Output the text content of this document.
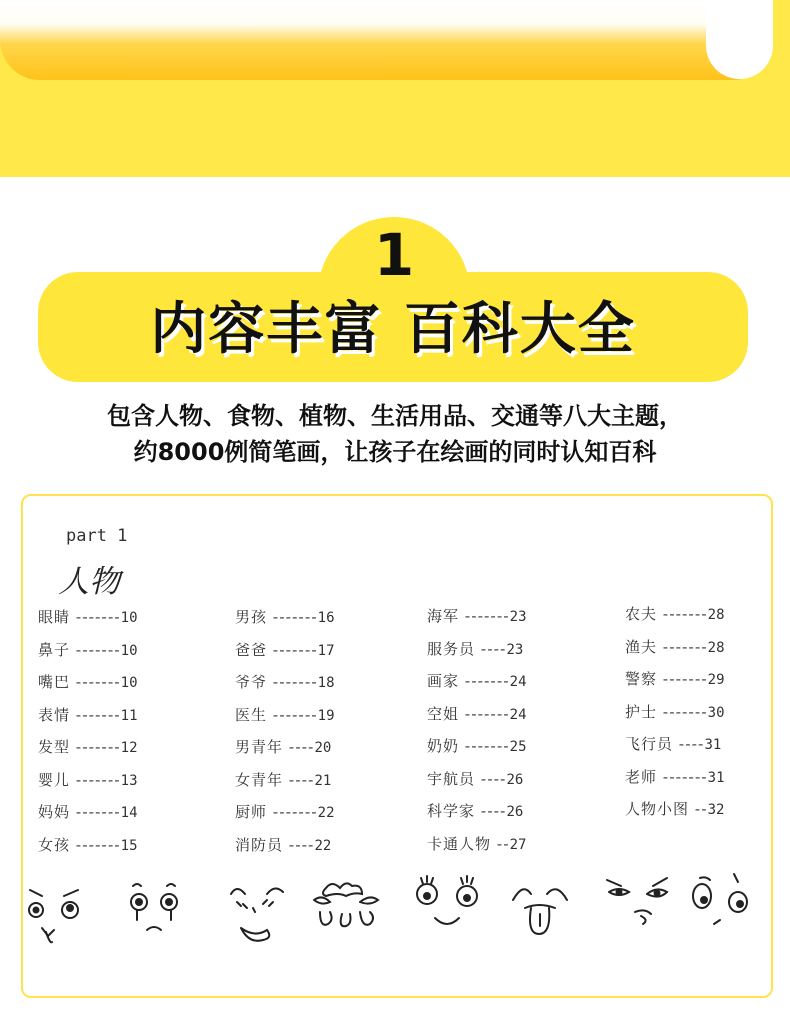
1
内容丰富 百科大全
包含人物、食物、植物、生活用品、交通等八大主题，
约8000例简笔画，让孩子在绘画的同时认知百科
part 1
人物
眼睛 -------10
鼻子 -------10
嘴巴 -------10
表情 -------11
发型 -------12
婴儿 -------13
妈妈 -------14
女孩 -------15
男孩 -------16
爸爸 -------17
爷爷 -------18
医生 -------19
男青年 ----20
女青年 ----21
厨师 -------22
消防员 ----22
海军 -------23
服务员 ----23
画家 -------24
空姐 -------24
奶奶 -------25
宇航员 ----26
科学家 ----26
卡通人物 --27
农夫 -------28
渔夫 -------28
警察 -------29
护士 -------30
飞行员 ----31
老师 -------31
人物小图 --32
